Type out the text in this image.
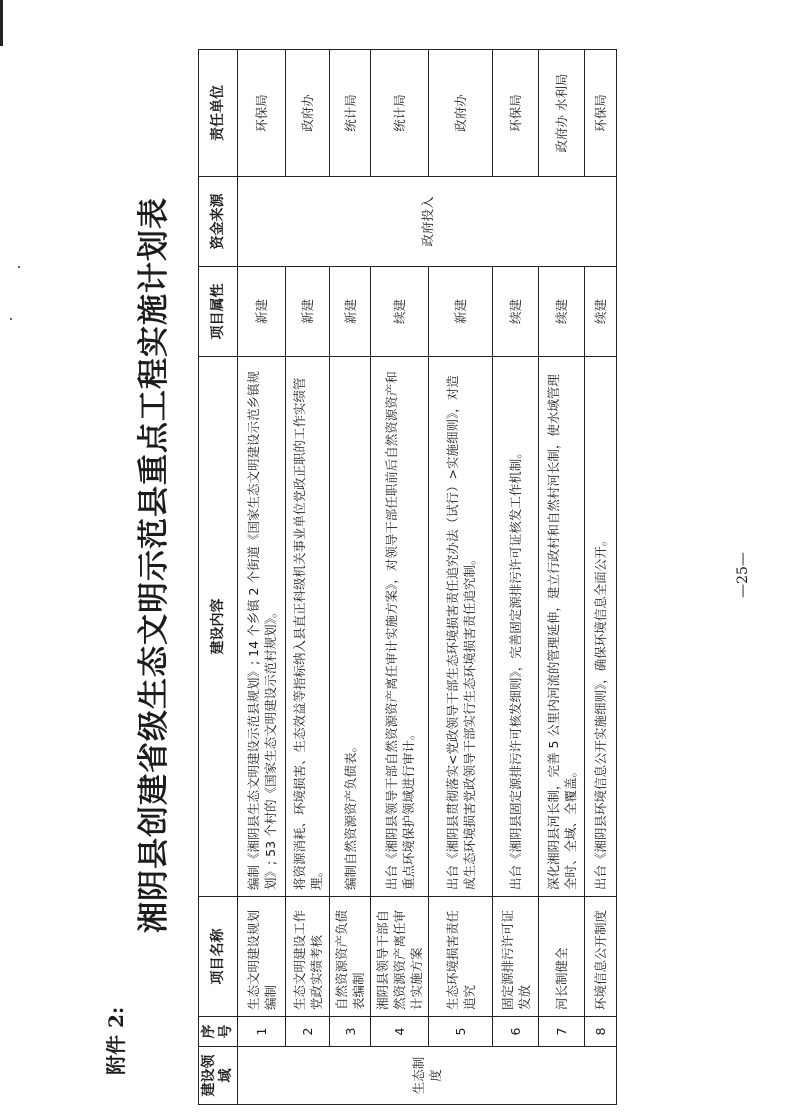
附件 2:
湘阴县创建省级生态文明示范县重点工程实施计划表
建设领域	序号	项目名称	建设内容	项目属性	资金来源	责任单位
生态制度	1	生态文明建设规划编制	编制《湘阴县生态文明建设示范县规划》; 14 个乡镇 2 个街道《国家生态文明建设示范乡镇规划》; 53 个村的《国家生态文明建设示范村规划》。	新建	政府投入	环保局
	2	生态文明建设工作党政实绩考核	将资源消耗、环境损害、生态效益等指标纳入县直正科级机关事业单位党政正职的工作实绩管理。	新建		政府办
	3	自然资源资产负债表编制	编制自然资源资产负债表。	新建		统计局
	4	湘阴县领导干部自然资源资产离任审计实施方案	出台《湘阴县领导干部自然资源资产离任审计实施方案》，对领导干部任职前后自然资源资产和重点环境保护领域进行审计。	续建		统计局
	5	生态环境损害责任追究	出台《湘阴县贯彻落实<党政领导干部生态环境损害责任追究办法（试行）>实施细则》，对造成生态环境损害党政领导干部实行生态环境损害责任追究制。	新建		政府办
	6	固定源排污许可证发放	出台《湘阴县固定源排污许可核发细则》，完善固定源排污许可证核发工作机制。	续建		环保局
	7	河长制健全	深化湘阴县河长制，完善 5 公里内河流的管理延伸，建立行政村和自然村河长制，使水域管理全时、全域、全覆盖。	续建		政府办 水利局
	8	环境信息公开制度	出台《湘阴县环境信息公开实施细则》，确保环境信息全面公开。	续建		环保局
—25—
